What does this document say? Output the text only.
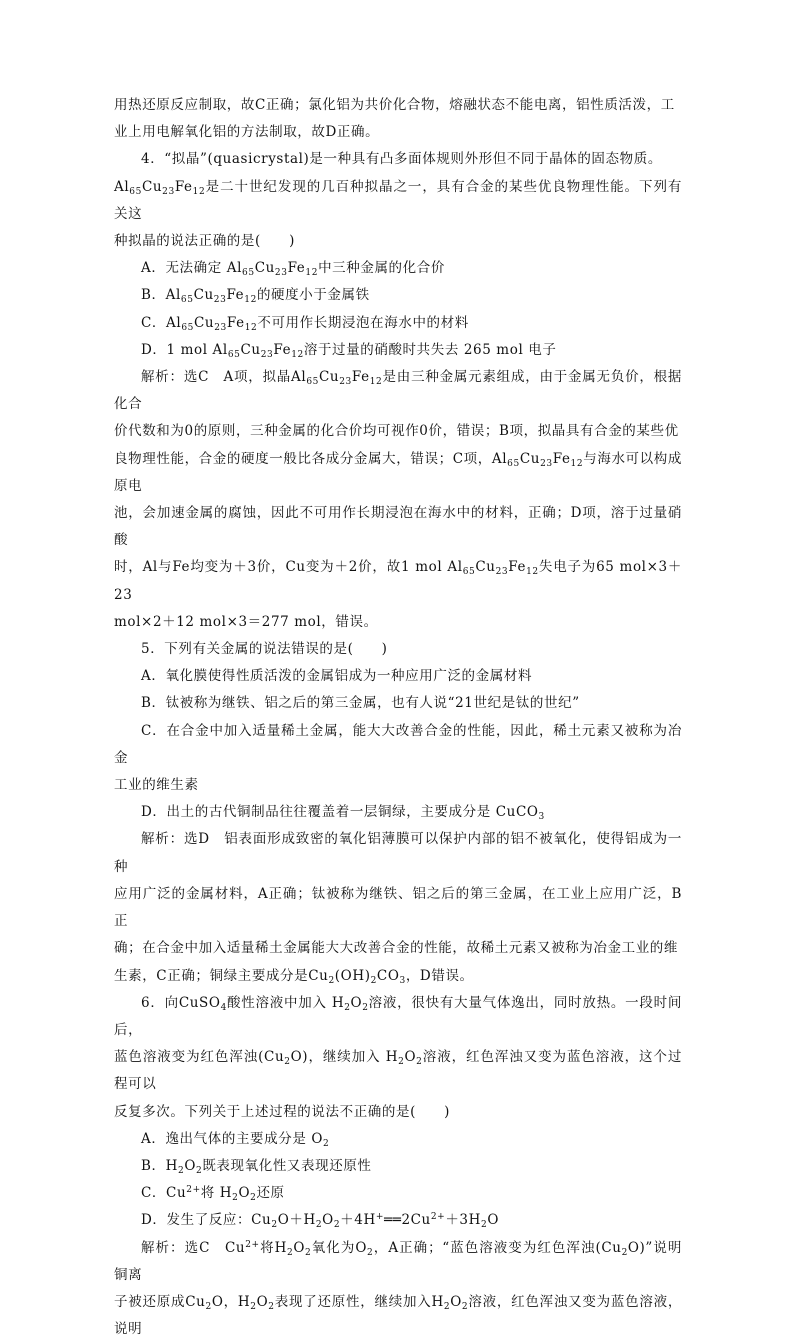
用热还原反应制取，故C正确；氯化铝为共价化合物，熔融状态不能电离，铝性质活泼，工
业上用电解氧化铝的方法制取，故D正确。

4．“拟晶”(quasicrystal)是一种具有凸多面体规则外形但不同于晶体的固态物质。

$Al_{65}Cu_{23}Fe_{12}$是二十世纪发现的几百种拟晶之一，具有合金的某些优良物理性能。下列有关这
种拟晶的说法正确的是(　　)

A．无法确定 $Al_{65}Cu_{23}Fe_{12}$中三种金属的化合价

B．$Al_{65}Cu_{23}Fe_{12}$的硬度小于金属铁

C．$Al_{65}Cu_{23}Fe_{12}$不可用作长期浸泡在海水中的材料

D．1 mol $Al_{65}Cu_{23}Fe_{12}$溶于过量的硝酸时共失去 265 mol 电子

解析：选C　A项，拟晶$Al_{65}Cu_{23}Fe_{12}$是由三种金属元素组成，由于金属无负价，根据化合
价代数和为0的原则，三种金属的化合价均可视作0价，错误；B项，拟晶具有合金的某些优
良物理性能，合金的硬度一般比各成分金属大，错误；C项，$Al_{65}Cu_{23}Fe_{12}$与海水可以构成原电
池，会加速金属的腐蚀，因此不可用作长期浸泡在海水中的材料，正确；D项，溶于过量硝酸
时，Al与Fe均变为＋3价，Cu变为＋2价，故1 mol $Al_{65}Cu_{23}Fe_{12}$失电子为65 mol×3＋23
mol×2＋12 mol×3＝277 mol，错误。

5．下列有关金属的说法错误的是(　　)

A．氧化膜使得性质活泼的金属铝成为一种应用广泛的金属材料

B．钛被称为继铁、铝之后的第三金属，也有人说“21世纪是钛的世纪”

C．在合金中加入适量稀土金属，能大大改善合金的性能，因此，稀土元素又被称为冶金
工业的维生素

D．出土的古代铜制品往往覆盖着一层铜绿，主要成分是 CuCO$_3$

解析：选D　铝表面形成致密的氧化铝薄膜可以保护内部的铝不被氧化，使得铝成为一种
应用广泛的金属材料，A正确；钛被称为继铁、铝之后的第三金属，在工业上应用广泛，B正
确；在合金中加入适量稀土金属能大大改善合金的性能，故稀土元素又被称为冶金工业的维
生素，C正确；铜绿主要成分是$Cu_2(OH)_2CO_3$，D错误。

6．向CuSO$_4$酸性溶液中加入 $H_2O_2$溶液，很快有大量气体逸出，同时放热。一段时间后，
蓝色溶液变为红色浑浊$(Cu_2O)$，继续加入 $H_2O_2$溶液，红色浑浊又变为蓝色溶液，这个过程可以
反复多次。下列关于上述过程的说法不正确的是(　　)

A．逸出气体的主要成分是 $O_2$

B．$H_2O_2$既表现氧化性又表现还原性

C．$Cu^{2+}$将 $H_2O_2$还原

D．发生了反应：$Cu_2O+H_2O_2+4H^+══2Cu^{2+}+3H_2O$

解析：选C　$Cu^{2+}$将$H_2O_2$氧化为$O_2$，A正确；“蓝色溶液变为红色浑浊$(Cu_2O)$”说明铜离
子被还原成$Cu_2O$，$H_2O_2$表现了还原性，继续加入$H_2O_2$溶液，红色浑浊又变为蓝色溶液，说明
